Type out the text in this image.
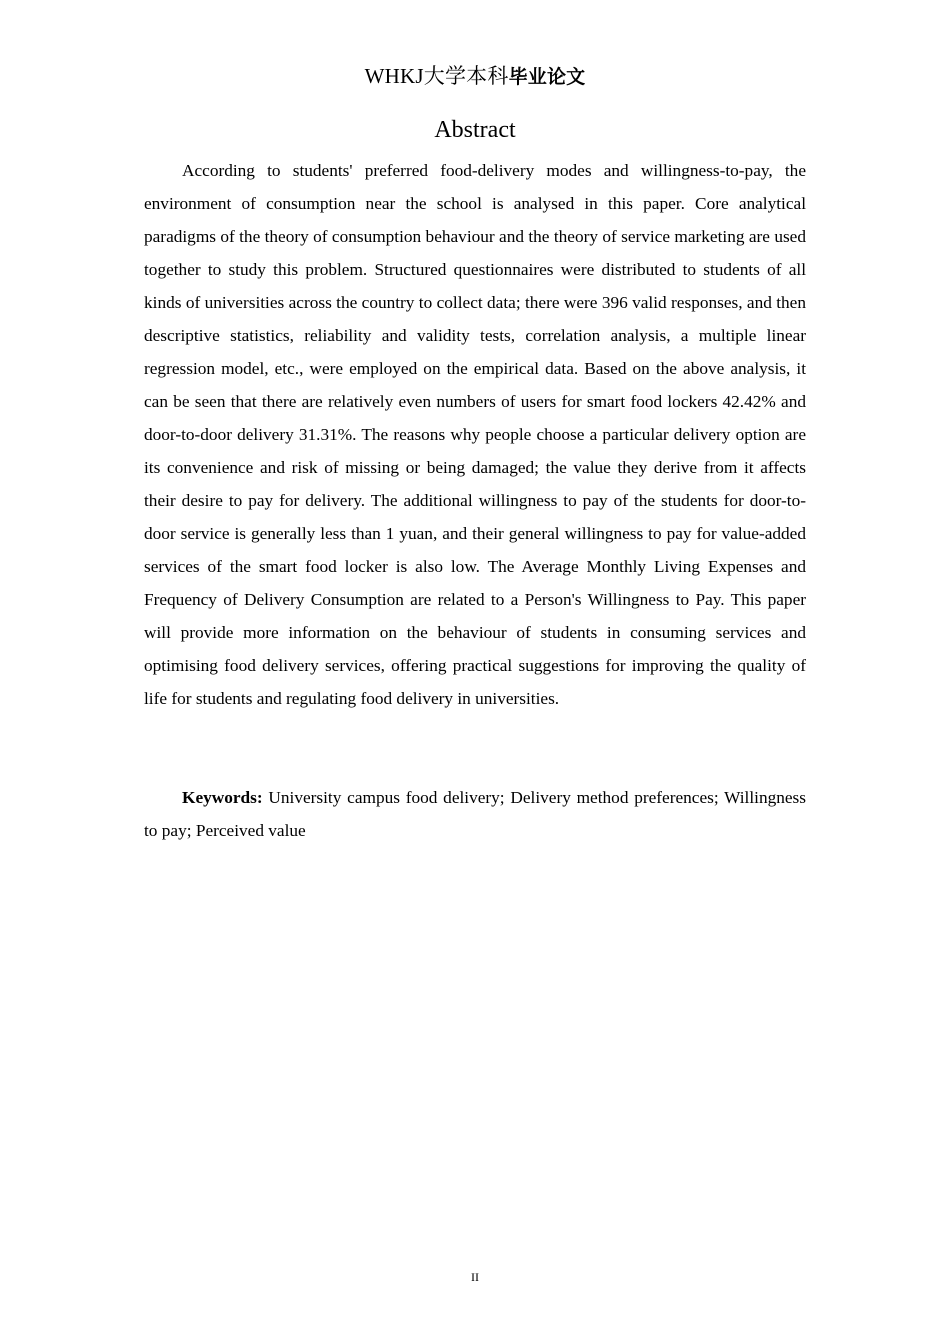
WHKJ大学本科毕业论文
Abstract

According to students' preferred food-delivery modes and willingness-to-pay, the environment of consumption near the school is analysed in this paper. Core analytical paradigms of the theory of consumption behaviour and the theory of service marketing are used together to study this problem. Structured questionnaires were distributed to students of all kinds of universities across the country to collect data; there were 396 valid responses, and then descriptive statistics, reliability and validity tests, correlation analysis, a multiple linear regression model, etc., were employed on the empirical data. Based on the above analysis, it can be seen that there are relatively even numbers of users for smart food lockers 42.42% and door-to-door delivery 31.31%. The reasons why people choose a particular delivery option are its convenience and risk of missing or being damaged; the value they derive from it affects their desire to pay for delivery. The additional willingness to pay of the students for door-to-door service is generally less than 1 yuan, and their general willingness to pay for value-added services of the smart food locker is also low. The Average Monthly Living Expenses and Frequency of Delivery Consumption are related to a Person's Willingness to Pay. This paper will provide more information on the behaviour of students in consuming services and optimising food delivery services, offering practical suggestions for improving the quality of life for students and regulating food delivery in universities.

Keywords: University campus food delivery; Delivery method preferences; Willingness to pay; Perceived value

II
